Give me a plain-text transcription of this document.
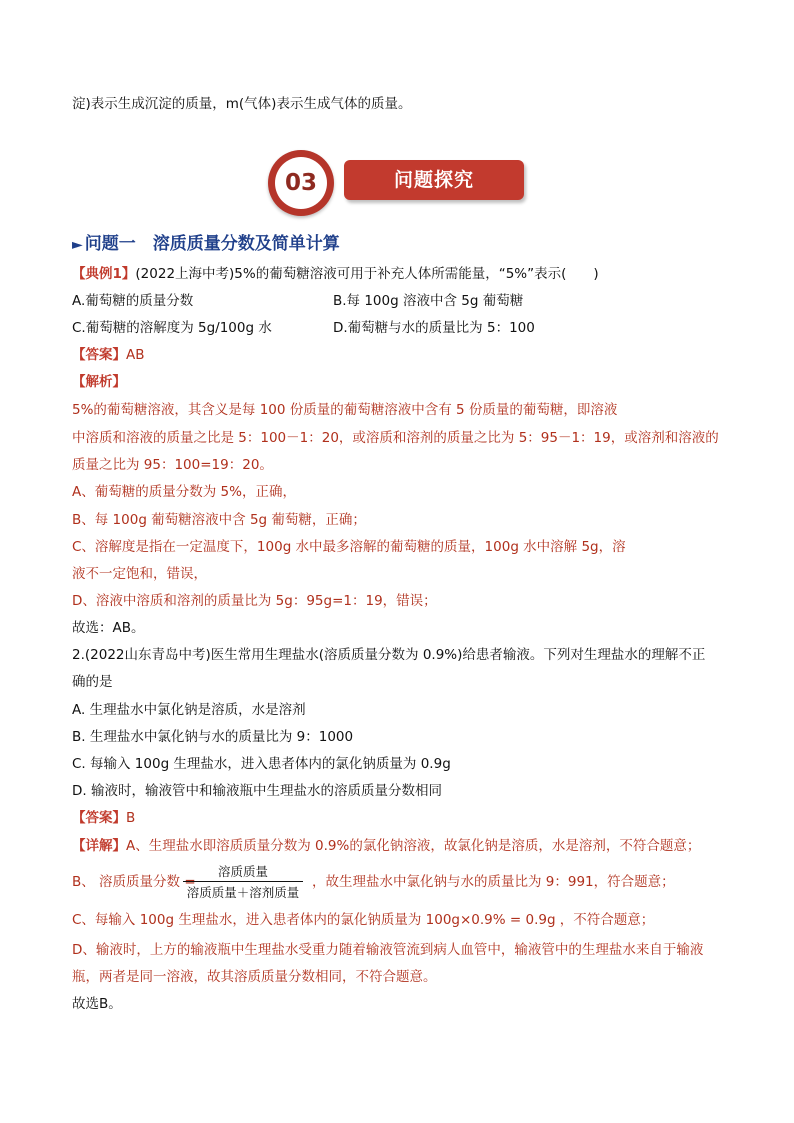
淀)表示生成沉淀的质量，m(气体)表示生成气体的质量。
03	问题探究
► 问题一　溶质质量分数及简单计算
【典例1】(2022上海中考)5%的葡萄糖溶液可用于补充人体所需能量，“5%”表示(　　)
A.葡萄糖的质量分数	B.每 100g 溶液中含 5g 葡萄糖
C.葡萄糖的溶解度为 5g/100g 水	D.葡萄糖与水的质量比为 5：100
【答案】AB
【解析】
5%的葡萄糖溶液，其含义是每 100 份质量的葡萄糖溶液中含有 5 份质量的葡萄糖，即溶液
中溶质和溶液的质量之比是 5：100－1：20，或溶质和溶剂的质量之比为 5：95－1：19，或溶剂和溶液的
质量之比为 95：100=19：20。
A、葡萄糖的质量分数为 5%，正确，
B、每 100g 葡萄糖溶液中含 5g 葡萄糖，正确；
C、溶解度是指在一定温度下，100g 水中最多溶解的葡萄糖的质量，100g 水中溶解 5g，溶
液不一定饱和，错误，
D、溶液中溶质和溶剂的质量比为 5g：95g=1：19，错误；
故选：AB。
2.(2022山东青岛中考)医生常用生理盐水(溶质质量分数为 0.9%)给患者输液。下列对生理盐水的理解不正
确的是
A. 生理盐水中氯化钠是溶质，水是溶剂
B. 生理盐水中氯化钠与水的质量比为 9：1000
C. 每输入 100g 生理盐水，进入患者体内的氯化钠质量为 0.9g
D. 输液时，输液管中和输液瓶中生理盐水的溶质质量分数相同
【答案】B
【详解】A、生理盐水即溶质质量分数为 0.9%的氯化钠溶液，故氯化钠是溶质，水是溶剂，不符合题意；
B、 溶质质量分数 =
溶质质量
溶质质量＋溶剂质量
，故生理盐水中氯化钠与水的质量比为 9：991，符合题意；
C、每输入 100g 生理盐水，进入患者体内的氯化钠质量为 100g×0.9% = 0.9g ，不符合题意；
D、输液时，上方的输液瓶中生理盐水受重力随着输液管流到病人血管中，输液管中的生理盐水来自于输液
瓶，两者是同一溶液，故其溶质质量分数相同，不符合题意。
故选B。
